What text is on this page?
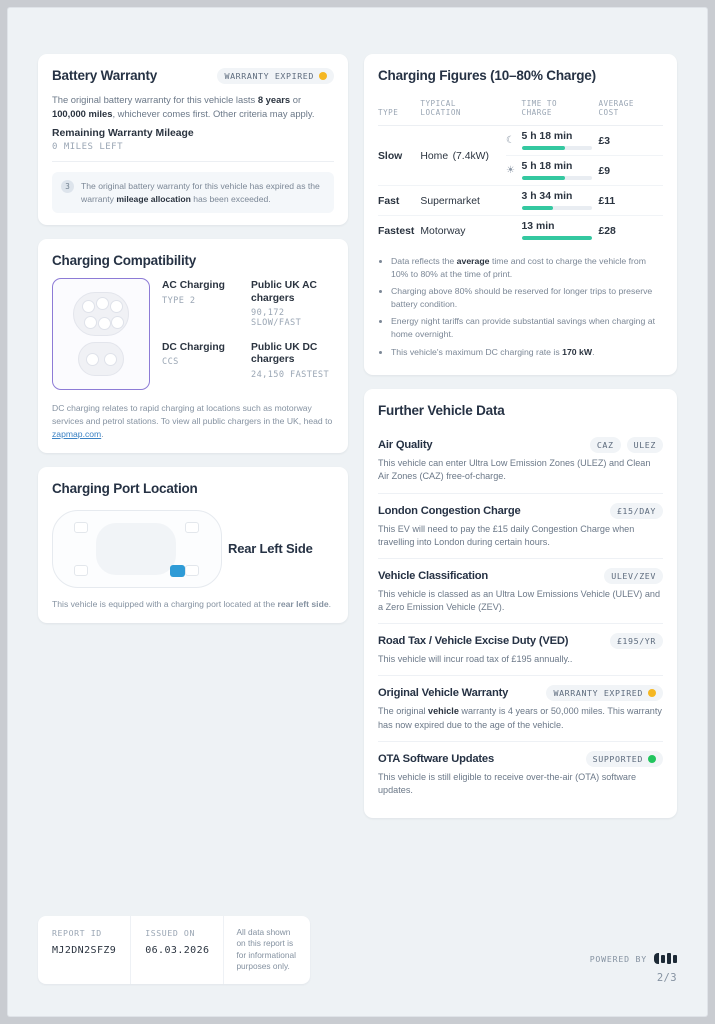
Battery Warranty	WARRANTY EXPIRED

The original battery warranty for this vehicle lasts 8 years or 100,000 miles, whichever comes first. Other criteria may apply.

Remaining Warranty Mileage
0 MILES LEFT
3	The original battery warranty for this vehicle has expired as the warranty mileage allocation has been exceeded.

Charging Compatibility
AC Charging
TYPE 2
Public UK AC chargers
90,172 SLOW/FAST
DC Charging
CCS
Public UK DC chargers
24,150 FASTEST

DC charging relates to rapid charging at locations such as motorway services and petrol stations. To view all public chargers in the UK, head to zapmap.com.

Charging Port Location
Rear Left Side

This vehicle is equipped with a charging port located at the rear left side.

Charging Figures (10–80% Charge)
TYPE	TYPICAL LOCATION		TIME TO CHARGE	AVERAGE COST
Slow	Home (7.4kW)	☾	5 h 18 min	£3
		☀	5 h 18 min	£9
Fast	Supermarket		3 h 34 min	£11
Fastest	Motorway		13 min	£28
• Data reflects the average time and cost to charge the vehicle from 10% to 80% at the time of print.
• Charging above 80% should be reserved for longer trips to preserve battery condition.
• Energy night tariffs can provide substantial savings when charging at home overnight.
• This vehicle's maximum DC charging rate is 170 kW.
Further Vehicle Data
Air Quality	CAZ	ULEZ

This vehicle can enter Ultra Low Emission Zones (ULEZ) and Clean Air Zones (CAZ) free-of-charge.

London Congestion Charge	£15/DAY

This EV will need to pay the £15 daily Congestion Charge when travelling into London during certain hours.

Vehicle Classification	ULEV/ZEV

This vehicle is classed as an Ultra Low Emissions Vehicle (ULEV) and a Zero Emission Vehicle (ZEV).

Road Tax / Vehicle Excise Duty (VED)	£195/YR

This vehicle will incur road tax of £195 annually..

Original Vehicle Warranty	WARRANTY EXPIRED

The original vehicle warranty is 4 years or 50,000 miles. This warranty has now expired due to the age of the vehicle.

OTA Software Updates	SUPPORTED

This vehicle is still eligible to receive over-the-air (OTA) software updates.

REPORT ID
MJ2DN2SFZ9
ISSUED ON
06.03.2026
All data shown on this report is for informational purposes only.
POWERED BY
2/3
